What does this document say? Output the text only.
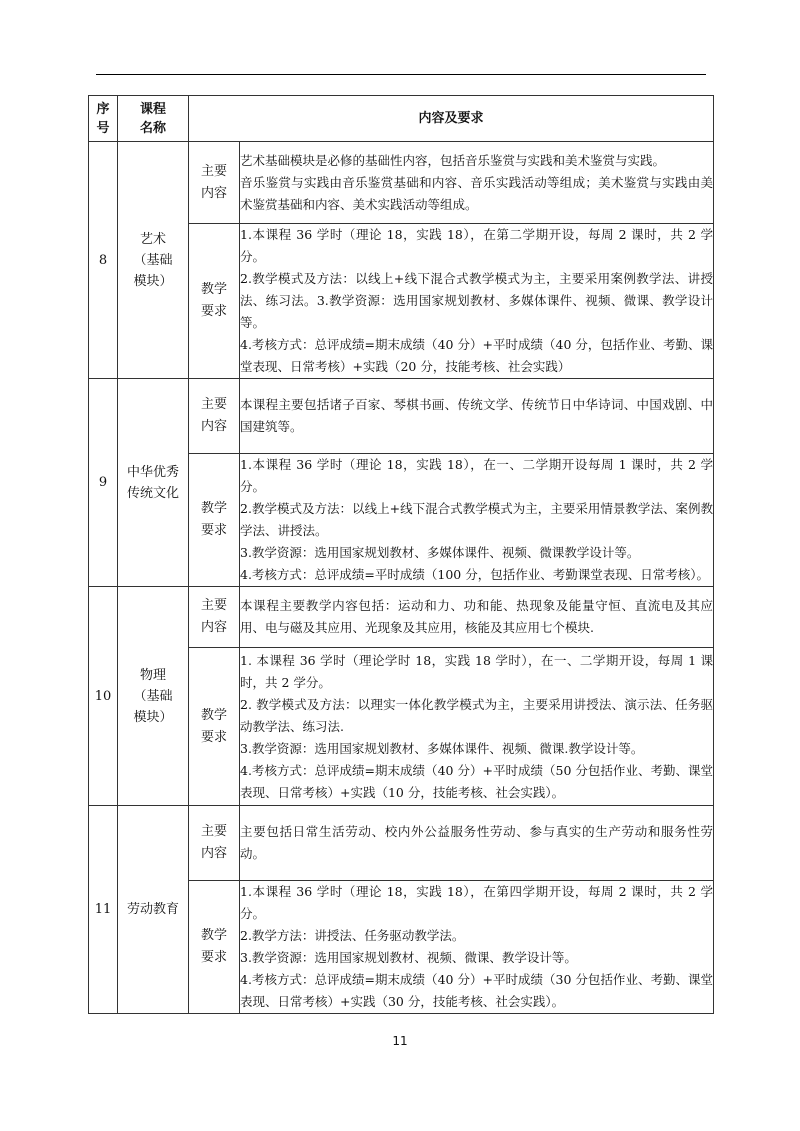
序号	课程名称	内容及要求	
8	艺术（基础模块）	主要内容	艺术基础模块是必修的基础性内容，包括音乐鉴赏与实践和美术鉴赏与实践。
音乐鉴赏与实践由音乐鉴赏基础和内容、音乐实践活动等组成；美术鉴赏与实践由美术鉴赏基础和内容、美术实践活动等组成。

		教学要求	1.本课程 36 学时（理论 18，实践 18），在第二学期开设，每周 2 课时，共 2 学分。
2.教学模式及方法：以线上+线下混合式教学模式为主，主要采用案例教学法、讲授法、练习法。3.教学资源：选用国家规划教材、多媒体课件、视频、微课、教学设计等。
4.考核方式：总评成绩=期末成绩（40 分）+平时成绩（40 分，包括作业、考勤、课堂表现、日常考核）+实践（20 分，技能考核、社会实践）

9	中华优秀传统文化	主要内容	本课程主要包括诸子百家、琴棋书画、传统文学、传统节日中华诗词、中国戏剧、中国建筑等。

		教学要求	1.本课程 36 学时（理论 18，实践 18），在一、二学期开设每周 1 课时，共 2 学分。
2.教学模式及方法：以线上+线下混合式教学模式为主，主要采用情景教学法、案例教学法、讲授法。
3.教学资源：选用国家规划教材、多媒体课件、视频、微课教学设计等。
4.考核方式：总评成绩=平时成绩（100 分，包括作业、考勤课堂表现、日常考核）。

10	物理（基础模块）	主要内容	本课程主要教学内容包括：运动和力、功和能、热现象及能量守恒、直流电及其应用、电与磁及其应用、光现象及其应用，核能及其应用七个模块.

		教学要求	1. 本课程 36 学时（理论学时 18，实践 18 学时），在一、二学期开设，每周 1 课时，共 2 学分。
2. 教学模式及方法：以理实一体化教学模式为主，主要采用讲授法、演示法、任务驱动教学法、练习法.
3.教学资源：选用国家规划教材、多媒体课件、视频、微课.教学设计等。
4.考核方式：总评成绩=期末成绩（40 分）+平时成绩（50 分包括作业、考勤、课堂表现、日常考核）+实践（10 分，技能考核、社会实践）。

11	劳动教育	主要内容	主要包括日常生活劳动、校内外公益服务性劳动、参与真实的生产劳动和服务性劳动。

		教学要求	1.本课程 36 学时（理论 18，实践 18），在第四学期开设，每周 2 课时，共 2 学分。
2.教学方法：讲授法、任务驱动教学法。
3.教学资源：选用国家规划教材、视频、微课、教学设计等。
4.考核方式：总评成绩=期末成绩（40 分）+平时成绩（30 分包括作业、考勤、课堂表现、日常考核）+实践（30 分，技能考核、社会实践）。
11
